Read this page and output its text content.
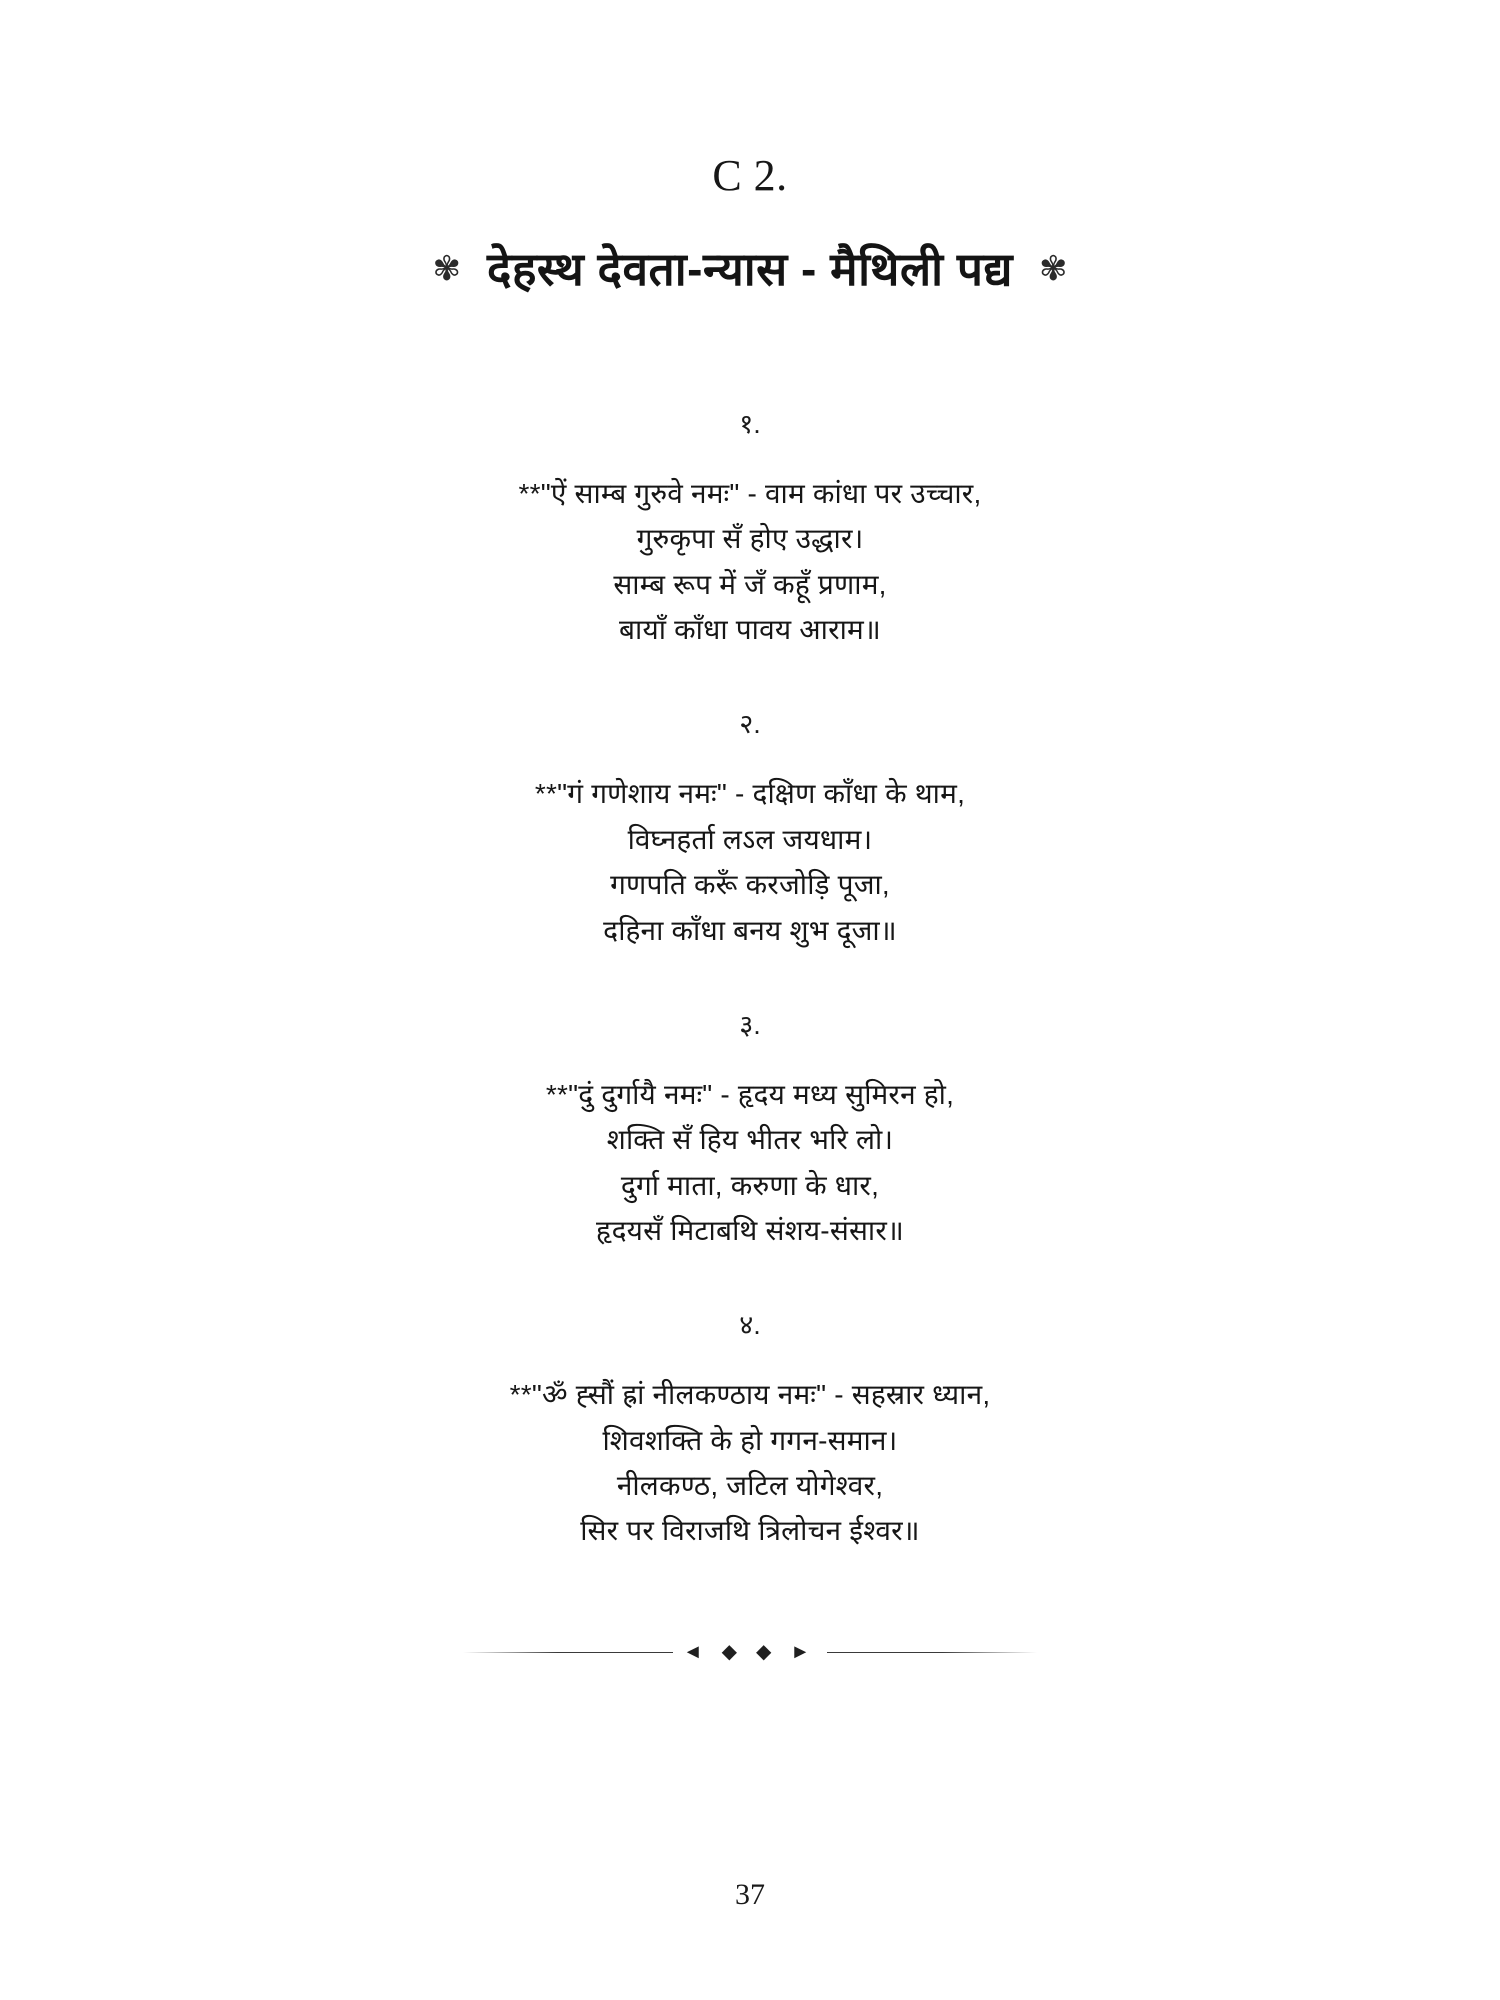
C 2.
✾ देहस्थ देवता-न्यास - मैथिली पद्य ✾
१.
**"ऐं साम्ब गुरुवे नमः" - वाम कांधा पर उच्चार,
गुरुकृपा सँ होए उद्धार।
साम्ब रूप में जँ कहूँ प्रणाम,
बायाँ काँधा पावय आराम॥
२.
**"गं गणेशाय नमः" - दक्षिण काँधा के थाम,
विघ्नहर्ता लऽल जयधाम।
गणपति करूँ करजोड़ि पूजा,
दहिना काँधा बनय शुभ दूजा॥
३.
**"दुं दुर्गायै नमः" - हृदय मध्य सुमिरन हो,
शक्ति सँ हिय भीतर भरि लो।
दुर्गा माता, करुणा के धार,
हृदयसँ मिटाबथि संशय-संसार॥
४.
**"ॐ ह्सौं ह्रां नीलकण्ठाय नमः" - सहस्रार ध्यान,
शिवशक्ति के हो गगन-समान।
नीलकण्ठ, जटिल योगेश्वर,
सिर पर विराजथि त्रिलोचन ईश्वर॥
◄ ◆ ◆ ►
37
